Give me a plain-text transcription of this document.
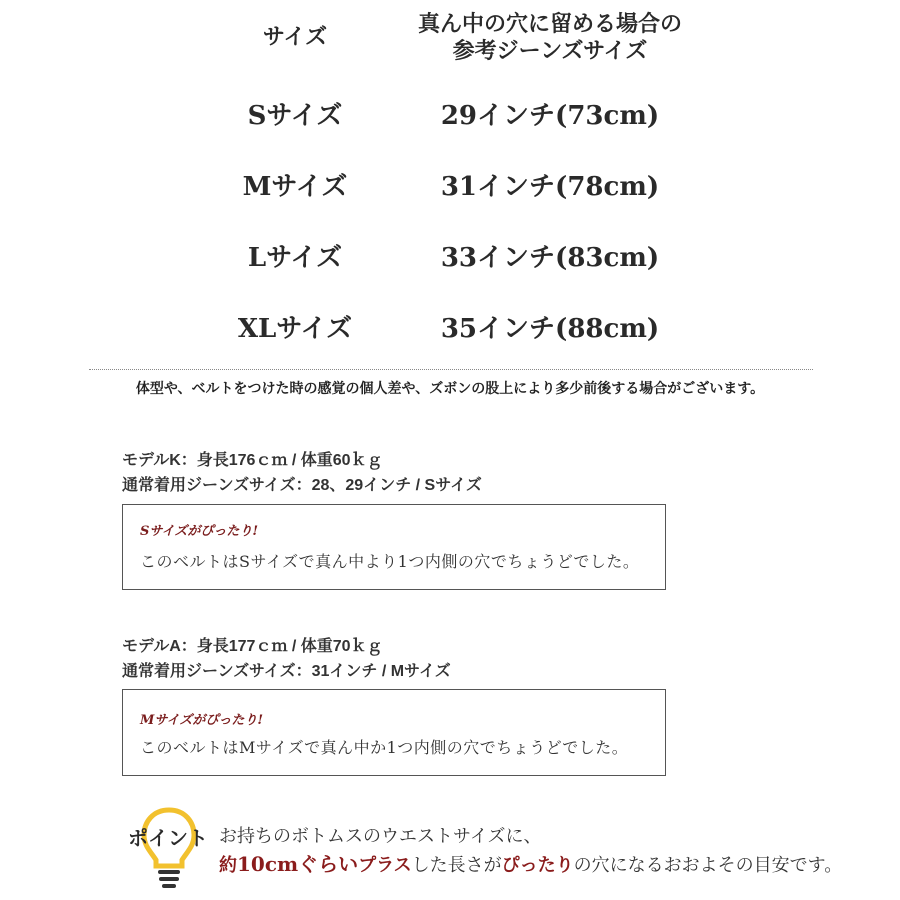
サイズ	真ん中の穴に留める場合の
参考ジーンズサイズ
Sサイズ	29インチ(73cm)
Mサイズ	31インチ(78cm)
Lサイズ	33インチ(83cm)
XLサイズ	35インチ(88cm)
体型や、ベルトをつけた時の感覚の個人差や、ズボンの股上により多少前後する場合がございます。
モデルK：身長176ｃｍ / 体重60ｋｇ
通常着用ジーンズサイズ：28、29インチ / Sサイズ
Sサイズがぴったり!
このベルトはSサイズで真ん中より1つ内側の穴でちょうどでした。
モデルA：身長177ｃｍ / 体重70ｋｇ
通常着用ジーンズサイズ：31インチ / Mサイズ
Mサイズがぴったり!
このベルトはMサイズで真ん中か1つ内側の穴でちょうどでした。
ポイント お持ちのボトムスのウエストサイズに、
約10cmぐらいプラスした長さがぴったりの穴になるおおよその目安です。
